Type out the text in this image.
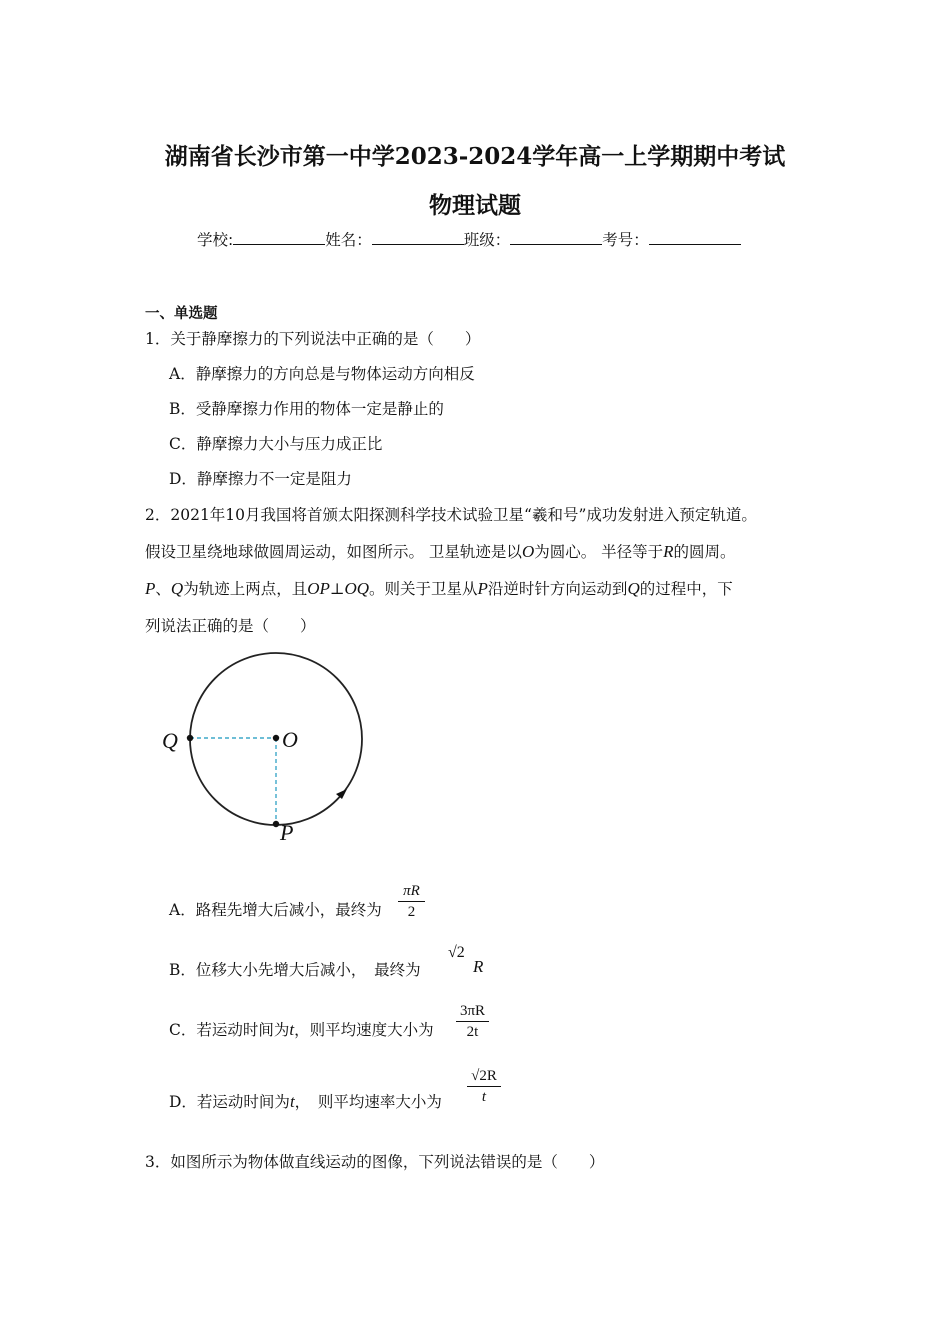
湖南省长沙市第一中学2023-2024学年高一上学期期中考试
物理试题
学校:	姓名：	班级：	考号：
一、单选题
1．关于静摩擦力的下列说法中正确的是（　　）
A．静摩擦力的方向总是与物体运动方向相反
B．受静摩擦力作用的物体一定是静止的
C．静摩擦力大小与压力成正比
D．静摩擦力不一定是阻力
2．2021年10月我国将首颁太阳探测科学技术试验卫星“羲和号”成功发射进入预定轨道。
假设卫星绕地球做圆周运动，如图所示。 卫星轨迹是以O为圆心。 半径等于R的圆周。
P、Q为轨迹上两点，且OP⊥OQ。则关于卫星从P沿逆时针方向运动到Q的过程中，下
列说法正确的是（　　）
Q	O
P
A．路程先增大后减小，最终为
πR
2
B．位移大小先增大后减小，　最终为
√2
R
C．若运动时间为t，则平均速度大小为
3πR
2t
D．若运动时间为t，　则平均速率大小为
√2R
t
3．如图所示为物体做直线运动的图像，下列说法错误的是（　　）
